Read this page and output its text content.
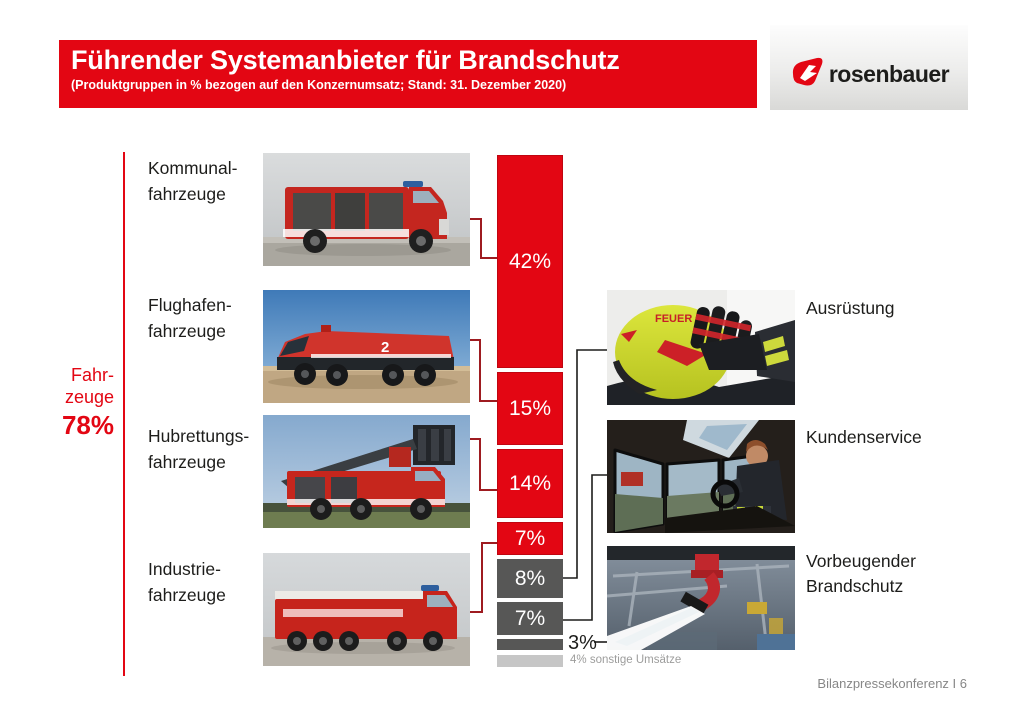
Führender Systemanbieter für Brandschutz
(Produktgruppen in % bezogen auf den Konzernumsatz; Stand: 31. Dezember 2020)	rosenbauer
Fahr-
zeuge
78%
Kommunal-
fahrzeuge
Flughafen-
fahrzeuge
Hubrettungs-
fahrzeuge
Industrie-
fahrzeuge
2
42%
15%
14%
7%
8%
7%
3%
4% sonstige Umsätze
FEUER
Ausrüstung
Kundenservice
Vorbeugender Brandschutz
Bilanzpressekonferenz I 6
